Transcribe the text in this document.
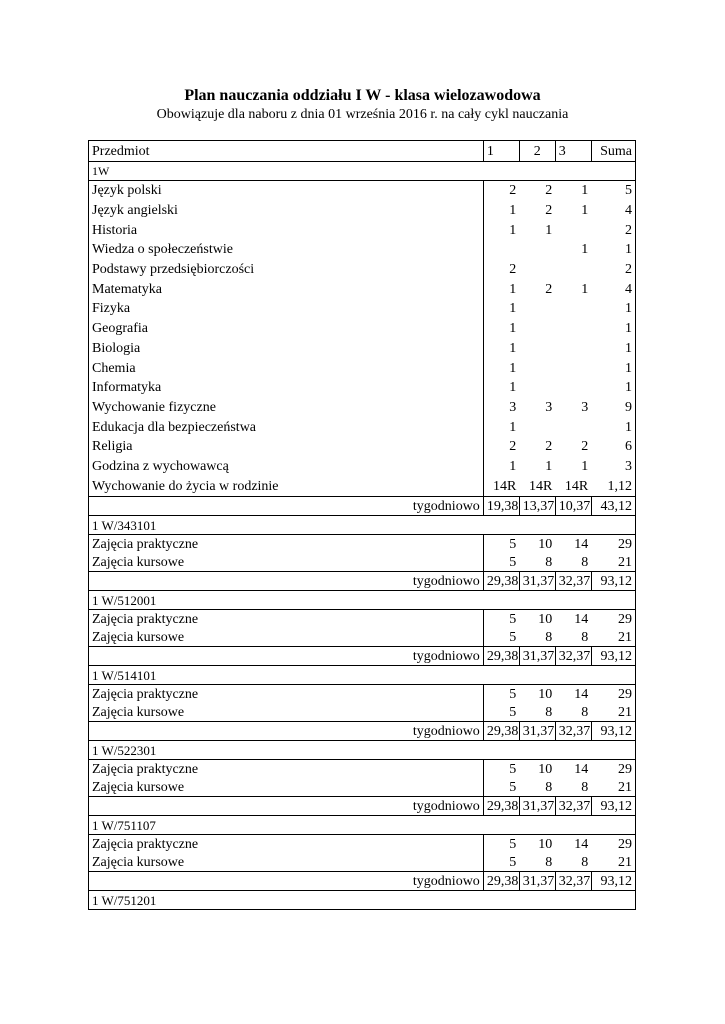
Plan nauczania oddziału I W - klasa wielozawodowa
Obowiązuje dla naboru z dnia 01 września 2016 r. na cały cykl nauczania
Przedmiot	1	2	3	Suma
1W				
Język polski	2	2	1	5
Język angielski	1	2	1	4
Historia	1	1		2
Wiedza o społeczeństwie			1	1
Podstawy przedsiębiorczości	2			2
Matematyka	1	2	1	4
Fizyka	1			1
Geografia	1			1
Biologia	1			1
Chemia	1			1
Informatyka	1			1
Wychowanie fizyczne	3	3	3	9
Edukacja dla bezpieczeństwa	1			1
Religia	2	2	2	6
Godzina z wychowawcą	1	1	1	3
Wychowanie do życia w rodzinie	14R	14R	14R	1,12
tygodniowo	19,38	13,37	10,37	43,12
1 W/343101				
Zajęcia praktyczne	5	10	14	29
Zajęcia kursowe	5	8	8	21
tygodniowo	29,38	31,37	32,37	93,12
1 W/512001				
Zajęcia praktyczne	5	10	14	29
Zajęcia kursowe	5	8	8	21
tygodniowo	29,38	31,37	32,37	93,12
1 W/514101				
Zajęcia praktyczne	5	10	14	29
Zajęcia kursowe	5	8	8	21
tygodniowo	29,38	31,37	32,37	93,12
1 W/522301				
Zajęcia praktyczne	5	10	14	29
Zajęcia kursowe	5	8	8	21
tygodniowo	29,38	31,37	32,37	93,12
1 W/751107				
Zajęcia praktyczne	5	10	14	29
Zajęcia kursowe	5	8	8	21
tygodniowo	29,38	31,37	32,37	93,12
1 W/751201				
